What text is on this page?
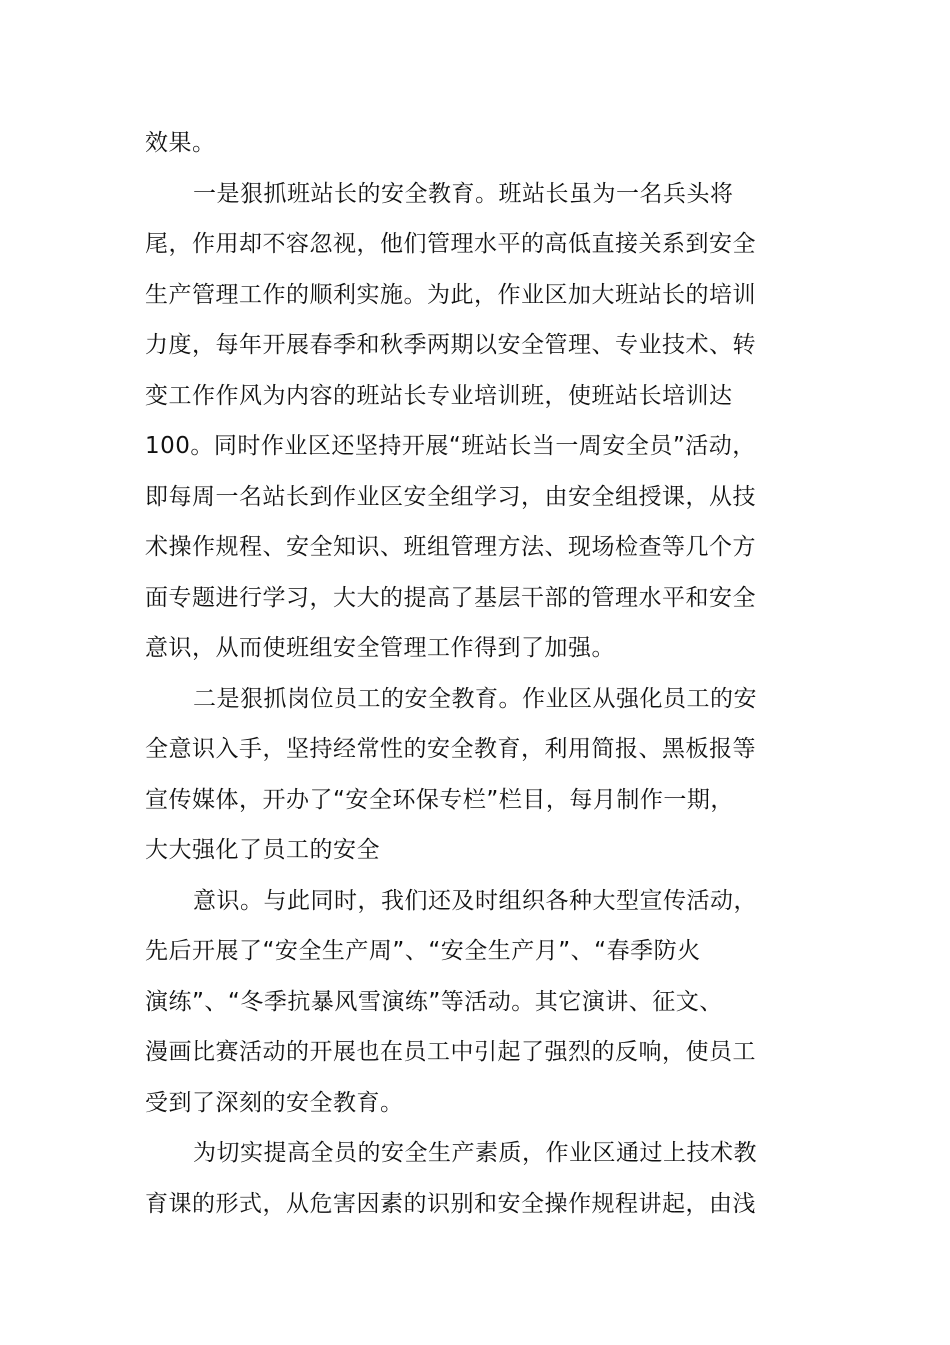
效果。
一是狠抓班站长的安全教育。班站长虽为一名兵头将
尾，作用却不容忽视，他们管理水平的高低直接关系到安全
生产管理工作的顺利实施。为此，作业区加大班站长的培训
力度，每年开展春季和秋季两期以安全管理、专业技术、转
变工作作风为内容的班站长专业培训班，使班站长培训达
100。同时作业区还坚持开展“班站长当一周安全员”活动，
即每周一名站长到作业区安全组学习，由安全组授课，从技
术操作规程、安全知识、班组管理方法、现场检查等几个方
面专题进行学习，大大的提高了基层干部的管理水平和安全
意识，从而使班组安全管理工作得到了加强。
二是狠抓岗位员工的安全教育。作业区从强化员工的安
全意识入手，坚持经常性的安全教育，利用简报、黑板报等
宣传媒体，开办了“安全环保专栏”栏目，每月制作一期，
大大强化了员工的安全
意识。与此同时，我们还及时组织各种大型宣传活动，
先后开展了“安全生产周”、“安全生产月”、“春季防火
演练”、“冬季抗暴风雪演练”等活动。其它演讲、征文、
漫画比赛活动的开展也在员工中引起了强烈的反响，使员工
受到了深刻的安全教育。
为切实提高全员的安全生产素质，作业区通过上技术教
育课的形式，从危害因素的识别和安全操作规程讲起，由浅
